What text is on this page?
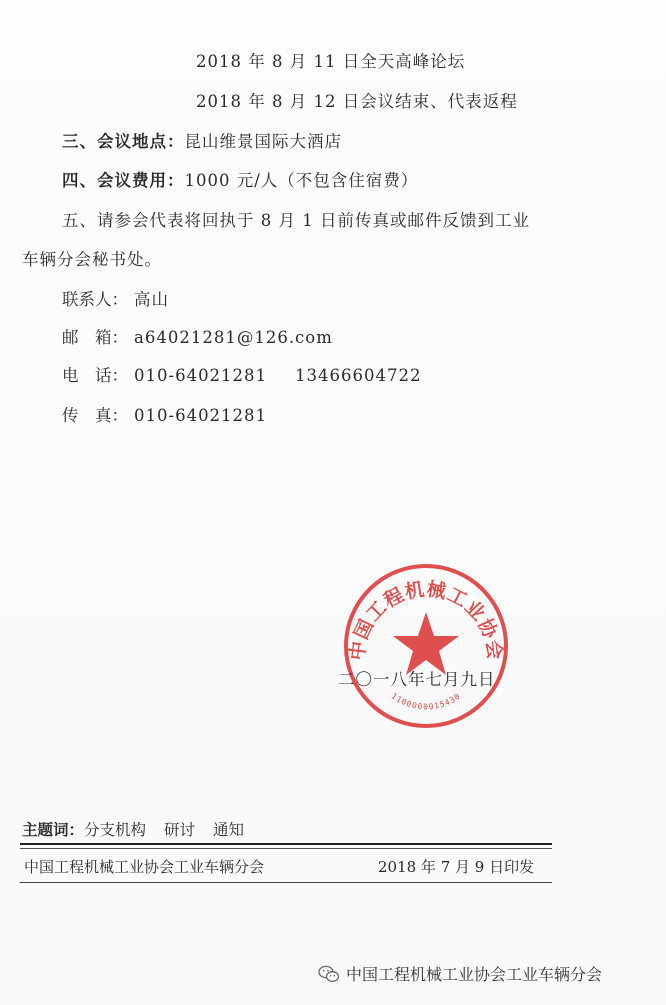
2018 年 8 月 11 日全天高峰论坛
2018 年 8 月 12 日会议结束、代表返程
三、会议地点：昆山维景国际大酒店
四、会议费用：1000 元/人（不包含住宿费）
五、请参会代表将回执于 8 月 1 日前传真或邮件反馈到工业
车辆分会秘书处。
联系人： 高山
邮　箱： a64021281@126.com
电　话： 010-64021281 13466604722
传　真： 010-64021281
中国工程机械工业协会
1100000015430
二〇一八年七月九日
主题词：分支机构 研讨 通知
中国工程机械工业协会工业车辆分会	2018 年 7 月 9 日印发
中国工程机械工业协会工业车辆分会
